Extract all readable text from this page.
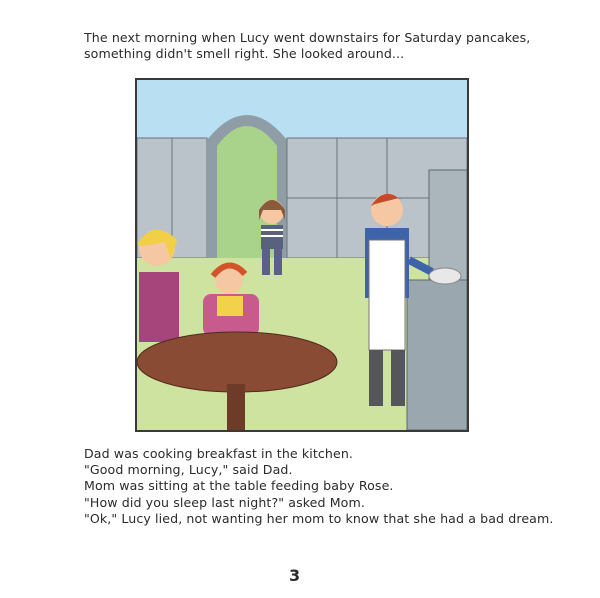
The next morning when Lucy went downstairs for Saturday pancakes,
something didn't smell right. She looked around...
Dad was cooking breakfast in the kitchen.
"Good morning, Lucy," said Dad.
Mom was sitting at the table feeding baby Rose.
"How did you sleep last night?" asked Mom.
"Ok," Lucy lied, not wanting her mom to know that she had a bad dream.
3
